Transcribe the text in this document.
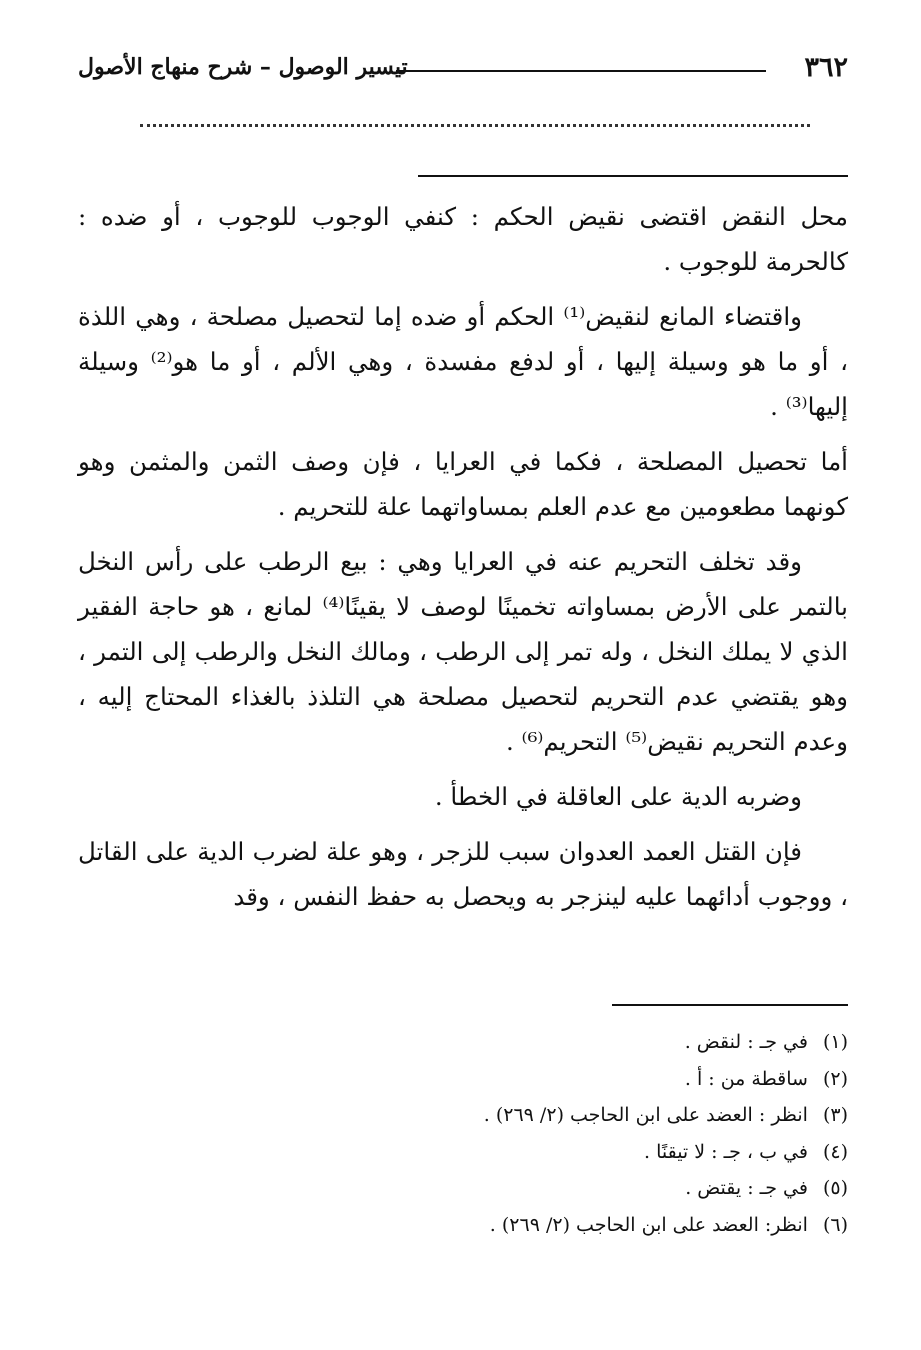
٣٦٢
تيسير الوصول – شرح منهاج الأصول

محل النقض اقتضى نقيض الحكم : كنفي الوجوب للوجوب ، أو ضده : كالحرمة للوجوب .

واقتضاء المانع لنقيض⁽¹⁾ الحكم أو ضده إما لتحصيل مصلحة ، وهي اللذة ، أو ما هو وسيلة إليها ، أو لدفع مفسدة ، وهي الألم ، أو ما هو⁽²⁾ وسيلة إليها⁽³⁾ .

أما تحصيل المصلحة ، فكما في العرايا ، فإن وصف الثمن والمثمن وهو كونهما مطعومين مع عدم العلم بمساواتهما علة للتحريم .

وقد تخلف التحريم عنه في العرايا وهي : بيع الرطب على رأس النخل بالتمر على الأرض بمساواته تخمينًا لوصف لا يقينًا⁽⁴⁾ لمانع ، هو حاجة الفقير الذي لا يملك النخل ، وله تمر إلى الرطب ، ومالك النخل والرطب إلى التمر ، وهو يقتضي عدم التحريم لتحصيل مصلحة هي التلذذ بالغذاء المحتاج إليه ، وعدم التحريم نقيض⁽⁵⁾ التحريم⁽⁶⁾ .

وضربه الدية على العاقلة في الخطأ .

فإن القتل العمد العدوان سبب للزجر ، وهو علة لضرب الدية على القاتل ، ووجوب أدائهما عليه لينزجر به ويحصل به حفظ النفس ، وقد

(١) في جـ : لنقض .
(٢) ساقطة من : أ .
(٣) انظر : العضد على ابن الحاجب (٢/ ٢٦٩) .
(٤) في ب ، جـ : لا تيقنًا .
(٥) في جـ : يقتض .
(٦) انظر: العضد على ابن الحاجب (٢/ ٢٦٩) .
